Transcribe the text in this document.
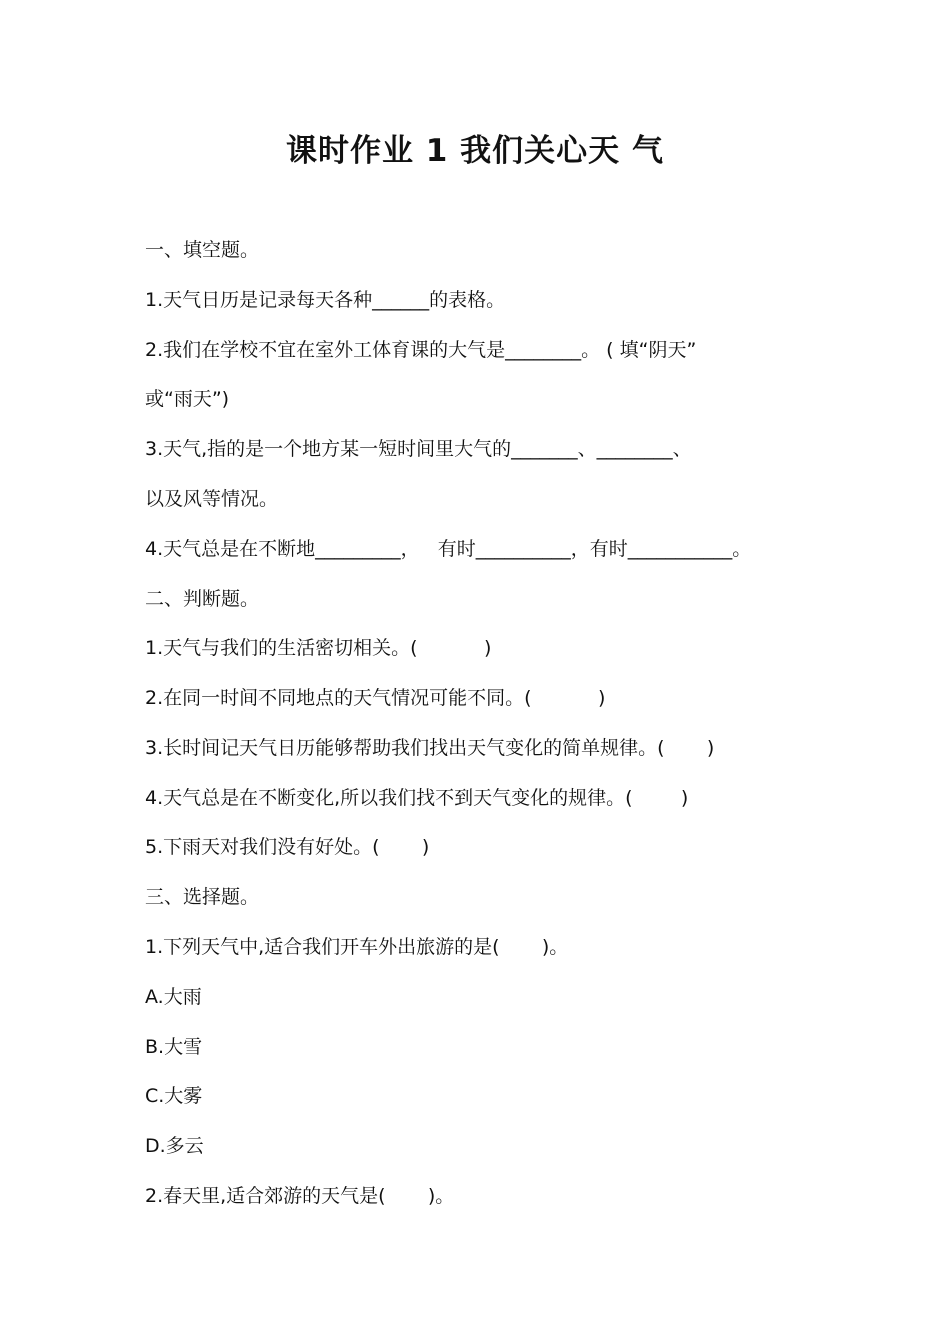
课时作业 1 我们关心天 气
一、填空题。
1.天气日历是记录每天各种______的表格。
2.我们在学校不宜在室外工体育课的大气是________。 ( 填“阴天”
或“雨天”)
3.天气,指的是一个地方某一短时间里大气的_______、________、
以及风等情况。
4.天气总是在不断地_________，   有时__________，有时___________。
二、判断题。
1.天气与我们的生活密切相关。(           )
2.在同一时间不同地点的天气情况可能不同。(           )
3.长时间记天气日历能够帮助我们找出天气变化的简单规律。(       )
4.天气总是在不断变化,所以我们找不到天气变化的规律。(        )
5.下雨天对我们没有好处。(       )
三、选择题。
1.下列天气中,适合我们开车外出旅游的是(       )。
A.大雨
B.大雪
C.大雾
D.多云
2.春天里,适合郊游的天气是(       )。
